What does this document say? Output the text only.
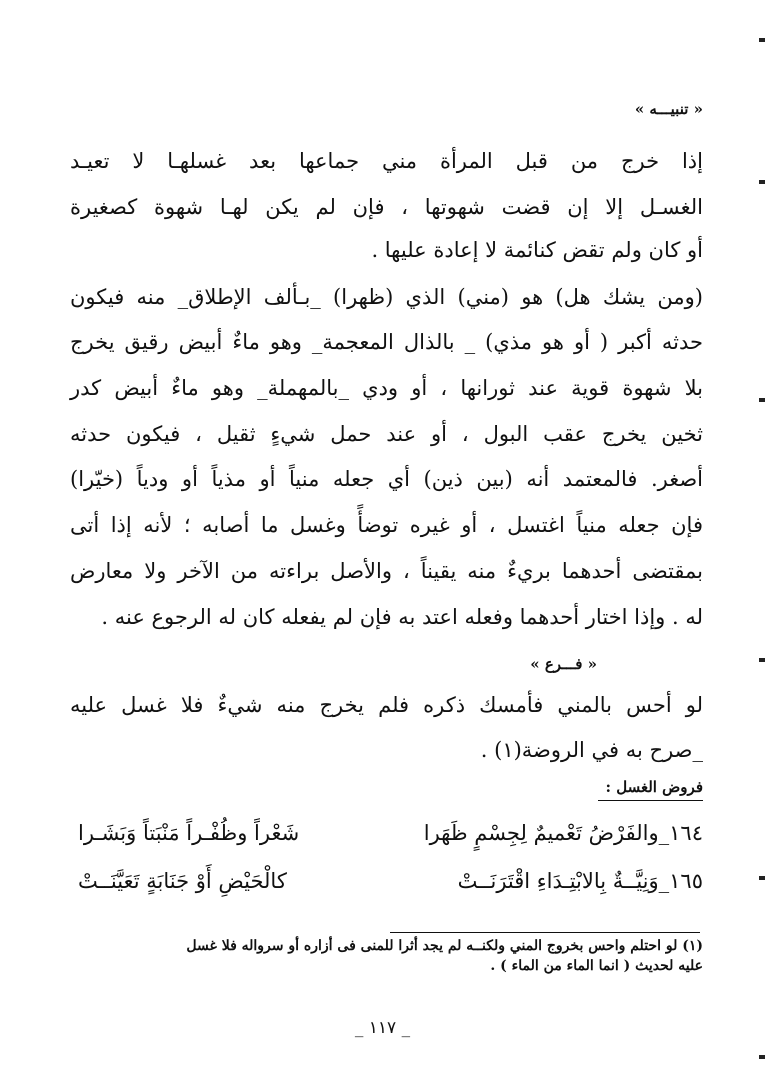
« تنبيـــه »
إذا خرج من قبل المرأة مني جماعها بعد غسلهـا لا تعيـد
الغسـل إلا إن قضت شهوتها ، فإن لم يكن لهـا شهوة كصغيرة
أو كان ولم تقض كنائمة لا إعادة عليها .
(ومن يشك هل) هو (مني) الذي (ظهرا) _بـألف الإطلاق_ منه فيكون
حدثه أكبر ( أو هو مذي) _ بالذال المعجمة_ وهو ماءٌ أبيض رقيق يخرج
بلا شهوة قوية عند ثورانها ، أو ودي _بالمهملة_ وهو ماءٌ أبيض كدر
ثخين يخرج عقب البول ، أو عند حمل شيءٍ ثقيل ، فيكون حدثه
أصغر. فالمعتمد أنه (بين ذين) أي جعله منياً أو مذياً أو ودياً (خيّرا)
فإن جعله منياً اغتسل ، أو غيره توضأً وغسل ما أصابه ؛ لأنه إذا أتى
بمقتضى أحدهما بريءٌ منه يقيناً ، والأصل براءته من الآخر ولا معارض
له . وإذا اختار أحدهما وفعله اعتد به فإن لم يفعله كان له الرجوع عنه .
« فـــرع »
لو أحس بالمني فأمسك ذكره فلم يخرج منه شيءٌ فلا غسل عليه
_صرح به في الروضة(١) .
فروض الغسل :
١٦٤_والفَرْضُ تَعْميمٌ لِجِسْمٍ ظَهَرا
شَعْراً وظُفْـراً مَنْبَتاً وَبَشَـرا
١٦٥_وَنِيَّــةٌ بِالابْتِـدَاءِ اقْتَرَنَــتْ
كالْحَيْضِ أَوْ جَنَابَةٍ تَعَيَّنَــتْ
(١) لو احتلم واحس بخروج المني ولكنــه لم يجد أثرا للمنى فى أزاره أو سرواله فلا غسل
عليه لحديث ( انما الماء من الماء ) .
_ ١١٧ _
